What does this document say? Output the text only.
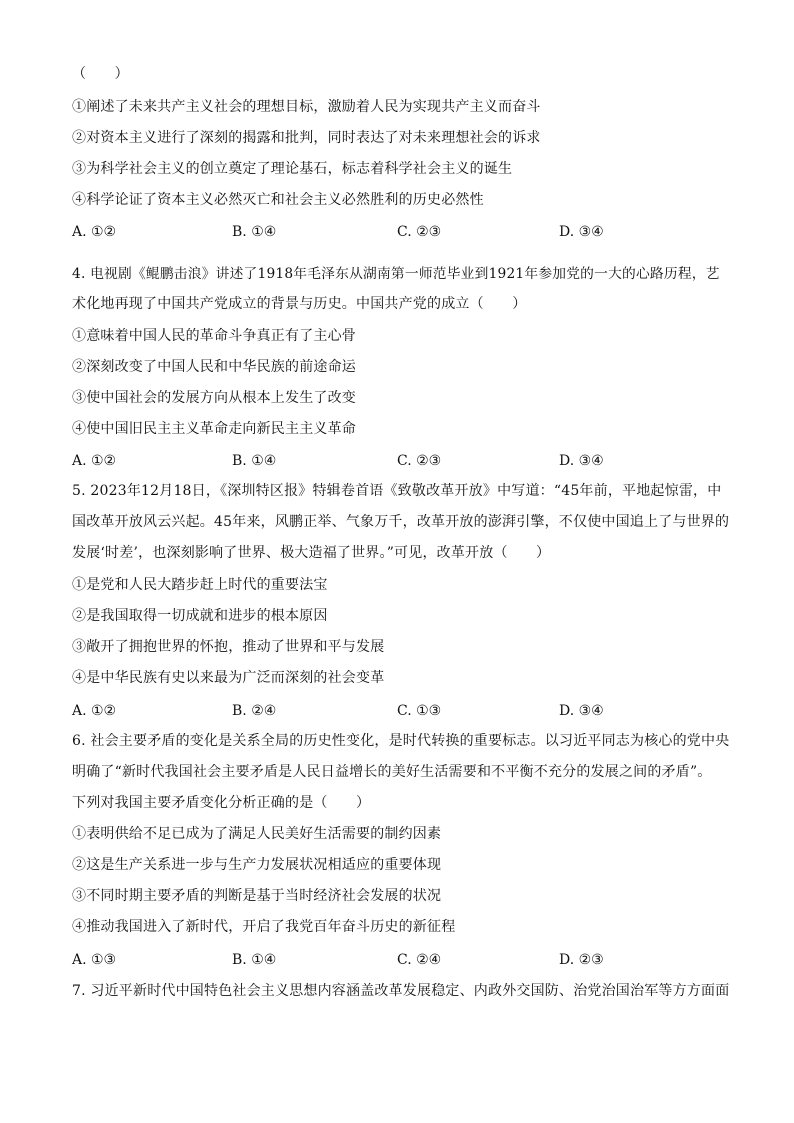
（　　）
①阐述了未来共产主义社会的理想目标，激励着人民为实现共产主义而奋斗
②对资本主义进行了深刻的揭露和批判，同时表达了对未来理想社会的诉求
③为科学社会主义的创立奠定了理论基石，标志着科学社会主义的诞生
④科学论证了资本主义必然灭亡和社会主义必然胜利的历史必然性
A. ①②	B. ①④	C. ②③	D. ③④
4. 电视剧《鲲鹏击浪》讲述了1918年毛泽东从湖南第一师范毕业到1921年参加党的一大的心路历程，艺
术化地再现了中国共产党成立的背景与历史。中国共产党的成立（　　）
①意味着中国人民的革命斗争真正有了主心骨
②深刻改变了中国人民和中华民族的前途命运
③使中国社会的发展方向从根本上发生了改变
④使中国旧民主主义革命走向新民主主义革命
A. ①②	B. ①④	C. ②③	D. ③④
5. 2023年12月18日，《深圳特区报》特辑卷首语《致敬改革开放》中写道：“45年前，平地起惊雷，中
国改革开放风云兴起。45年来，风鹏正举、气象万千，改革开放的澎湃引擎，不仅使中国追上了与世界的
发展‘时差’，也深刻影响了世界、极大造福了世界。”可见，改革开放（　　）
②是我国取得一切成就和进步的根本原因
①是党和人民大踏步赶上时代的重要法宝
③敞开了拥抱世界的怀抱，推动了世界和平与发展
④是中华民族有史以来最为广泛而深刻的社会变革
A. ①②	B. ②④	C. ①③	D. ③④
6. 社会主要矛盾的变化是关系全局的历史性变化，是时代转换的重要标志。以习近平同志为核心的党中央
明确了“新时代我国社会主要矛盾是人民日益增长的美好生活需要和不平衡不充分的发展之间的矛盾”。
下列对我国主要矛盾变化分析正确的是（　　）
①表明供给不足已成为了满足人民美好生活需要的制约因素
②这是生产关系进一步与生产力发展状况相适应的重要体现
③不同时期主要矛盾的判断是基于当时经济社会发展的状况
④推动我国进入了新时代，开启了我党百年奋斗历史的新征程
A. ①③	B. ①④	C. ②④	D. ②③
7. 习近平新时代中国特色社会主义思想内容涵盖改革发展稳定、内政外交国防、治党治国治军等方方面面
